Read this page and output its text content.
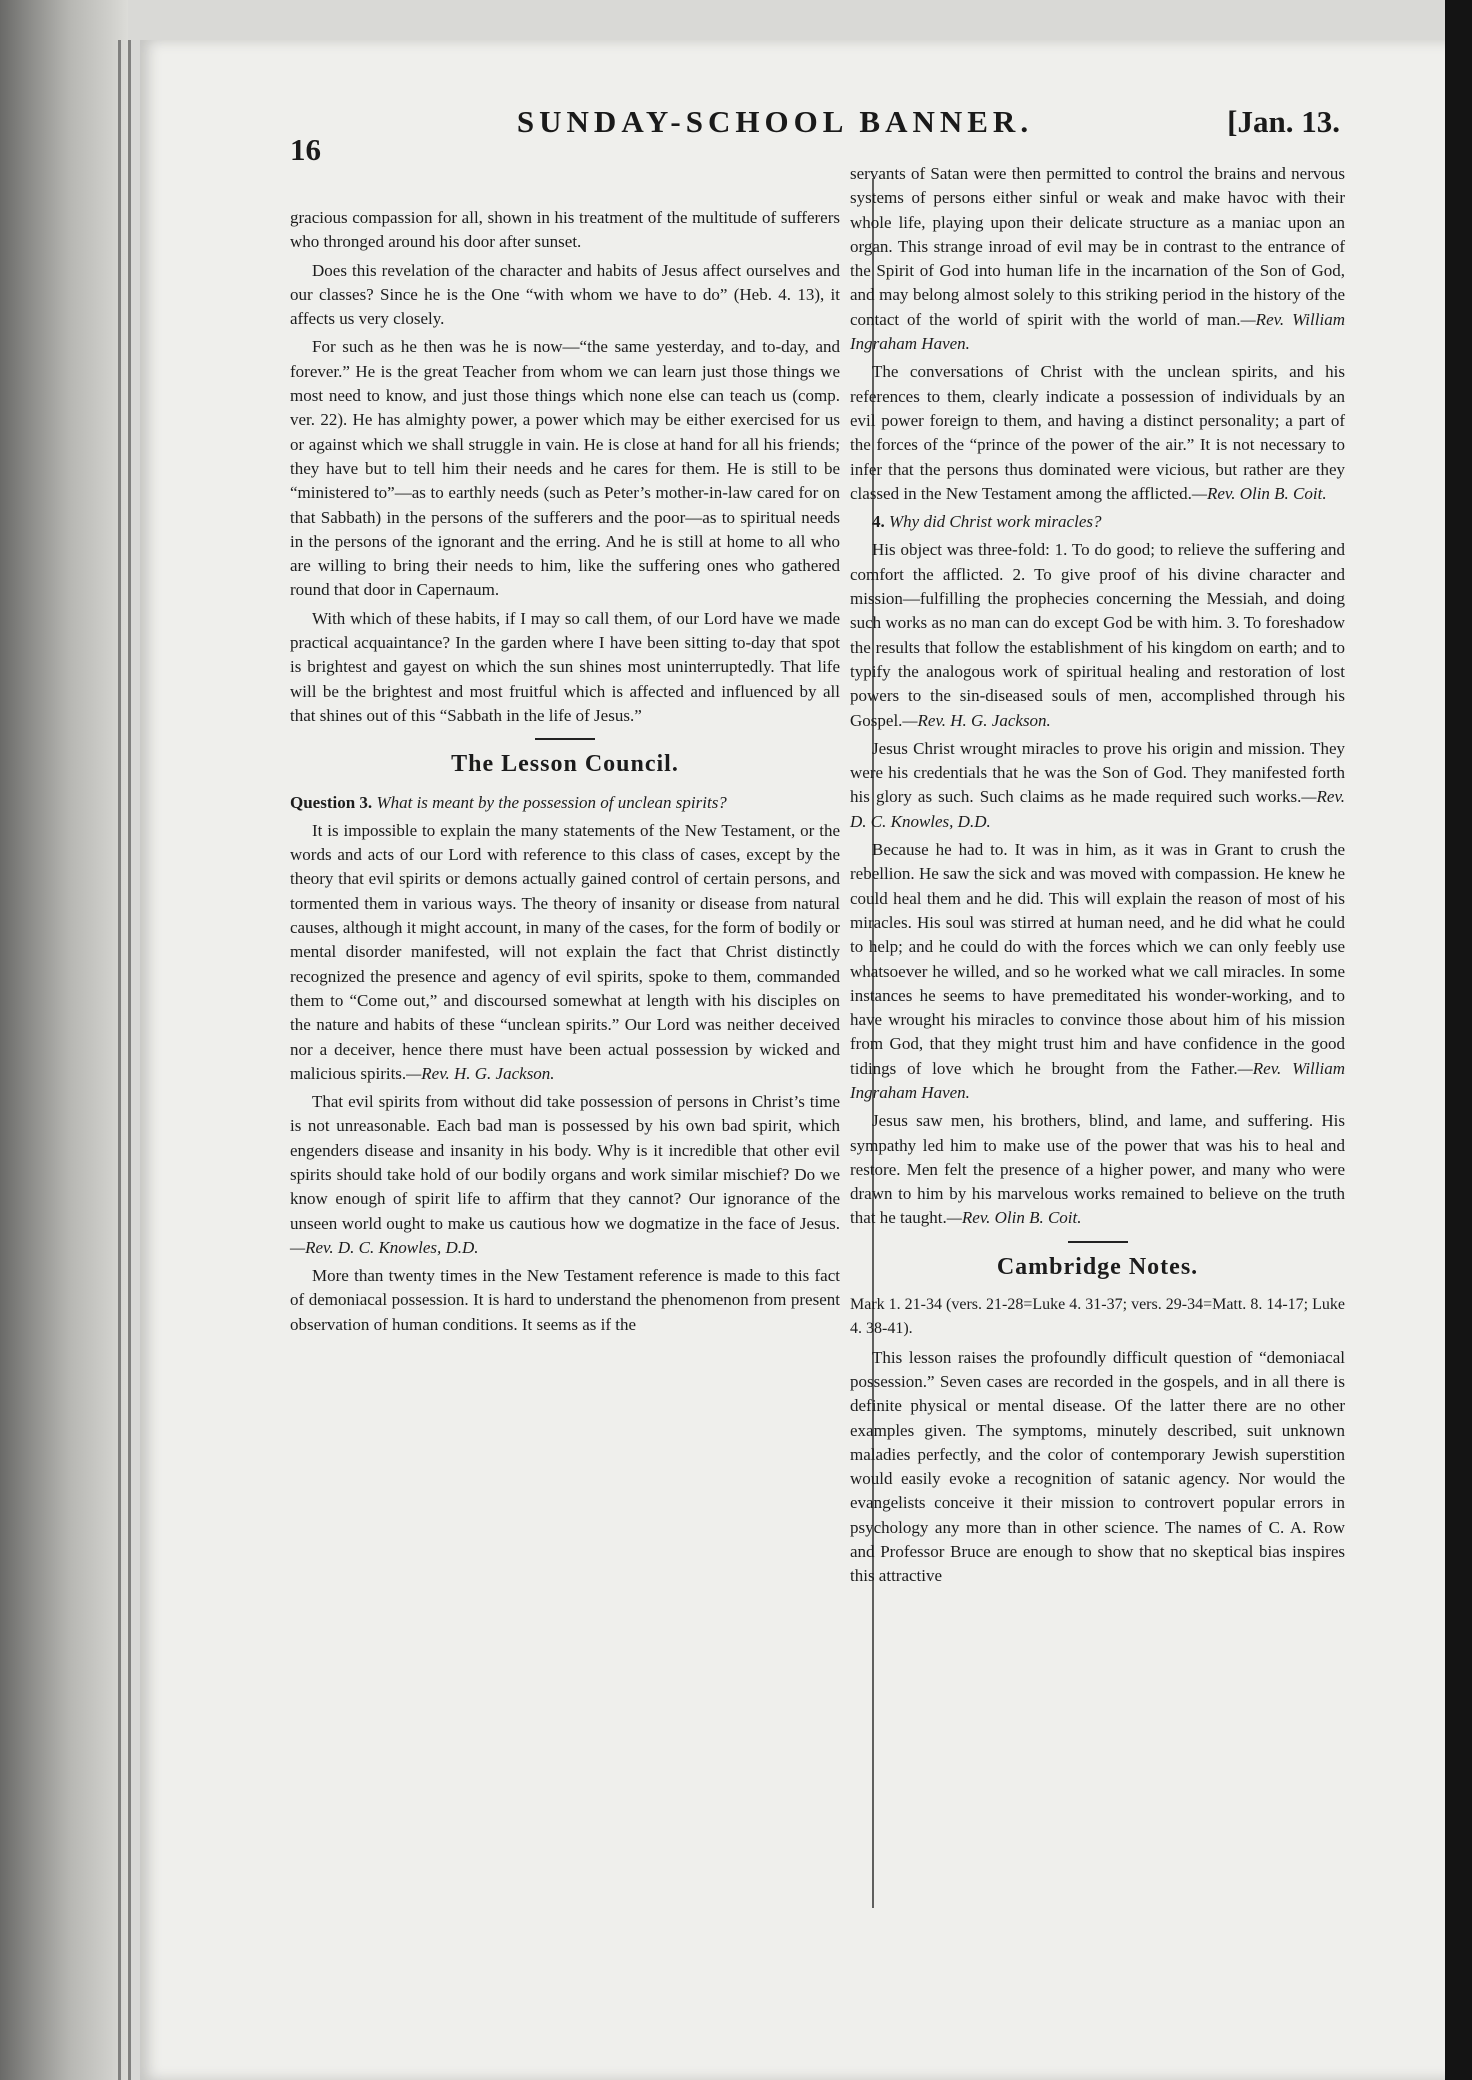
16
SUNDAY-SCHOOL BANNER.	[Jan. 13.

gracious compassion for all, shown in his treatment of the multitude of sufferers who thronged around his door after sunset.

Does this revelation of the character and habits of Jesus affect ourselves and our classes? Since he is the One “with whom we have to do” (Heb. 4. 13), it affects us very closely.

For such as he then was he is now—“the same yesterday, and to-day, and forever.” He is the great Teacher from whom we can learn just those things we most need to know, and just those things which none else can teach us (comp. ver. 22). He has almighty power, a power which may be either exercised for us or against which we shall struggle in vain. He is close at hand for all his friends; they have but to tell him their needs and he cares for them. He is still to be “ministered to”—as to earthly needs (such as Peter’s mother-in-law cared for on that Sabbath) in the persons of the sufferers and the poor—as to spiritual needs in the persons of the ignorant and the erring. And he is still at home to all who are willing to bring their needs to him, like the suffering ones who gathered round that door in Capernaum.

With which of these habits, if I may so call them, of our Lord have we made practical acquaintance? In the garden where I have been sitting to-day that spot is brightest and gayest on which the sun shines most uninterruptedly. That life will be the brightest and most fruitful which is affected and influenced by all that shines out of this “Sabbath in the life of Jesus.”

The Lesson Council.

Question 3. What is meant by the possession of unclean spirits?

It is impossible to explain the many statements of the New Testament, or the words and acts of our Lord with reference to this class of cases, except by the theory that evil spirits or demons actually gained control of certain persons, and tormented them in various ways. The theory of insanity or disease from natural causes, although it might account, in many of the cases, for the form of bodily or mental disorder manifested, will not explain the fact that Christ distinctly recognized the presence and agency of evil spirits, spoke to them, commanded them to “Come out,” and discoursed somewhat at length with his disciples on the nature and habits of these “unclean spirits.” Our Lord was neither deceived nor a deceiver, hence there must have been actual possession by wicked and malicious spirits.—Rev. H. G. Jackson.

That evil spirits from without did take possession of persons in Christ’s time is not unreasonable. Each bad man is possessed by his own bad spirit, which engenders disease and insanity in his body. Why is it incredible that other evil spirits should take hold of our bodily organs and work similar mischief? Do we know enough of spirit life to affirm that they cannot? Our ignorance of the unseen world ought to make us cautious how we dogmatize in the face of Jesus.—Rev. D. C. Knowles, D.D.

More than twenty times in the New Testament reference is made to this fact of demoniacal possession. It is hard to understand the phenomenon from present observation of human conditions. It seems as if the

servants of Satan were then permitted to control the brains and nervous systems of persons either sinful or weak and make havoc with their whole life, playing upon their delicate structure as a maniac upon an organ. This strange inroad of evil may be in contrast to the entrance of the Spirit of God into human life in the incarnation of the Son of God, and may belong almost solely to this striking period in the history of the contact of the world of spirit with the world of man.—Rev. William Ingraham Haven.

The conversations of Christ with the unclean spirits, and his references to them, clearly indicate a possession of individuals by an evil power foreign to them, and having a distinct personality; a part of the forces of the “prince of the power of the air.” It is not necessary to infer that the persons thus dominated were vicious, but rather are they classed in the New Testament among the afflicted.—Rev. Olin B. Coit.

4. Why did Christ work miracles?

His object was three-fold: 1. To do good; to relieve the suffering and comfort the afflicted. 2. To give proof of his divine character and mission—fulfilling the prophecies concerning the Messiah, and doing such works as no man can do except God be with him. 3. To foreshadow the results that follow the establishment of his kingdom on earth; and to typify the analogous work of spiritual healing and restoration of lost powers to the sin-diseased souls of men, accomplished through his Gospel.—Rev. H. G. Jackson.

Jesus Christ wrought miracles to prove his origin and mission. They were his credentials that he was the Son of God. They manifested forth his glory as such. Such claims as he made required such works.—Rev. D. C. Knowles, D.D.

Because he had to. It was in him, as it was in Grant to crush the rebellion. He saw the sick and was moved with compassion. He knew he could heal them and he did. This will explain the reason of most of his miracles. His soul was stirred at human need, and he did what he could to help; and he could do with the forces which we can only feebly use whatsoever he willed, and so he worked what we call miracles. In some instances he seems to have premeditated his wonder-working, and to have wrought his miracles to convince those about him of his mission from God, that they might trust him and have confidence in the good tidings of love which he brought from the Father.—Rev. William Ingraham Haven.

Jesus saw men, his brothers, blind, and lame, and suffering. His sympathy led him to make use of the power that was his to heal and restore. Men felt the presence of a higher power, and many who were drawn to him by his marvelous works remained to believe on the truth that he taught.—Rev. Olin B. Coit.

Cambridge Notes.

Mark 1. 21-34 (vers. 21-28=Luke 4. 31-37; vers. 29-34=Matt. 8. 14-17; Luke 4. 38-41).

This lesson raises the profoundly difficult question of “demoniacal possession.” Seven cases are recorded in the gospels, and in all there is definite physical or mental disease. Of the latter there are no other examples given. The symptoms, minutely described, suit unknown maladies perfectly, and the color of contemporary Jewish superstition would easily evoke a recognition of satanic agency. Nor would the evangelists conceive it their mission to controvert popular errors in psychology any more than in other science. The names of C. A. Row and Professor Bruce are enough to show that no skeptical bias inspires this attractive
